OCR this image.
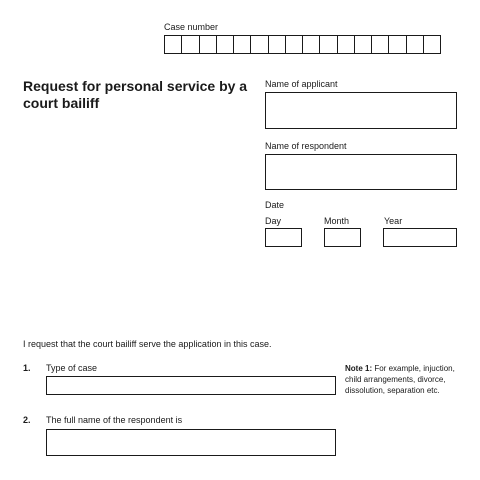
Case number
Request for personal service by a court bailiff
Name of applicant
Name of respondent
Date
Day	Month	Year
I request that the court bailiff serve the application in this case.
1. Type of case	Note 1: For example, injuction, child arrangements, divorce, dissolution, separation etc.
2. The full name of the respondent is
